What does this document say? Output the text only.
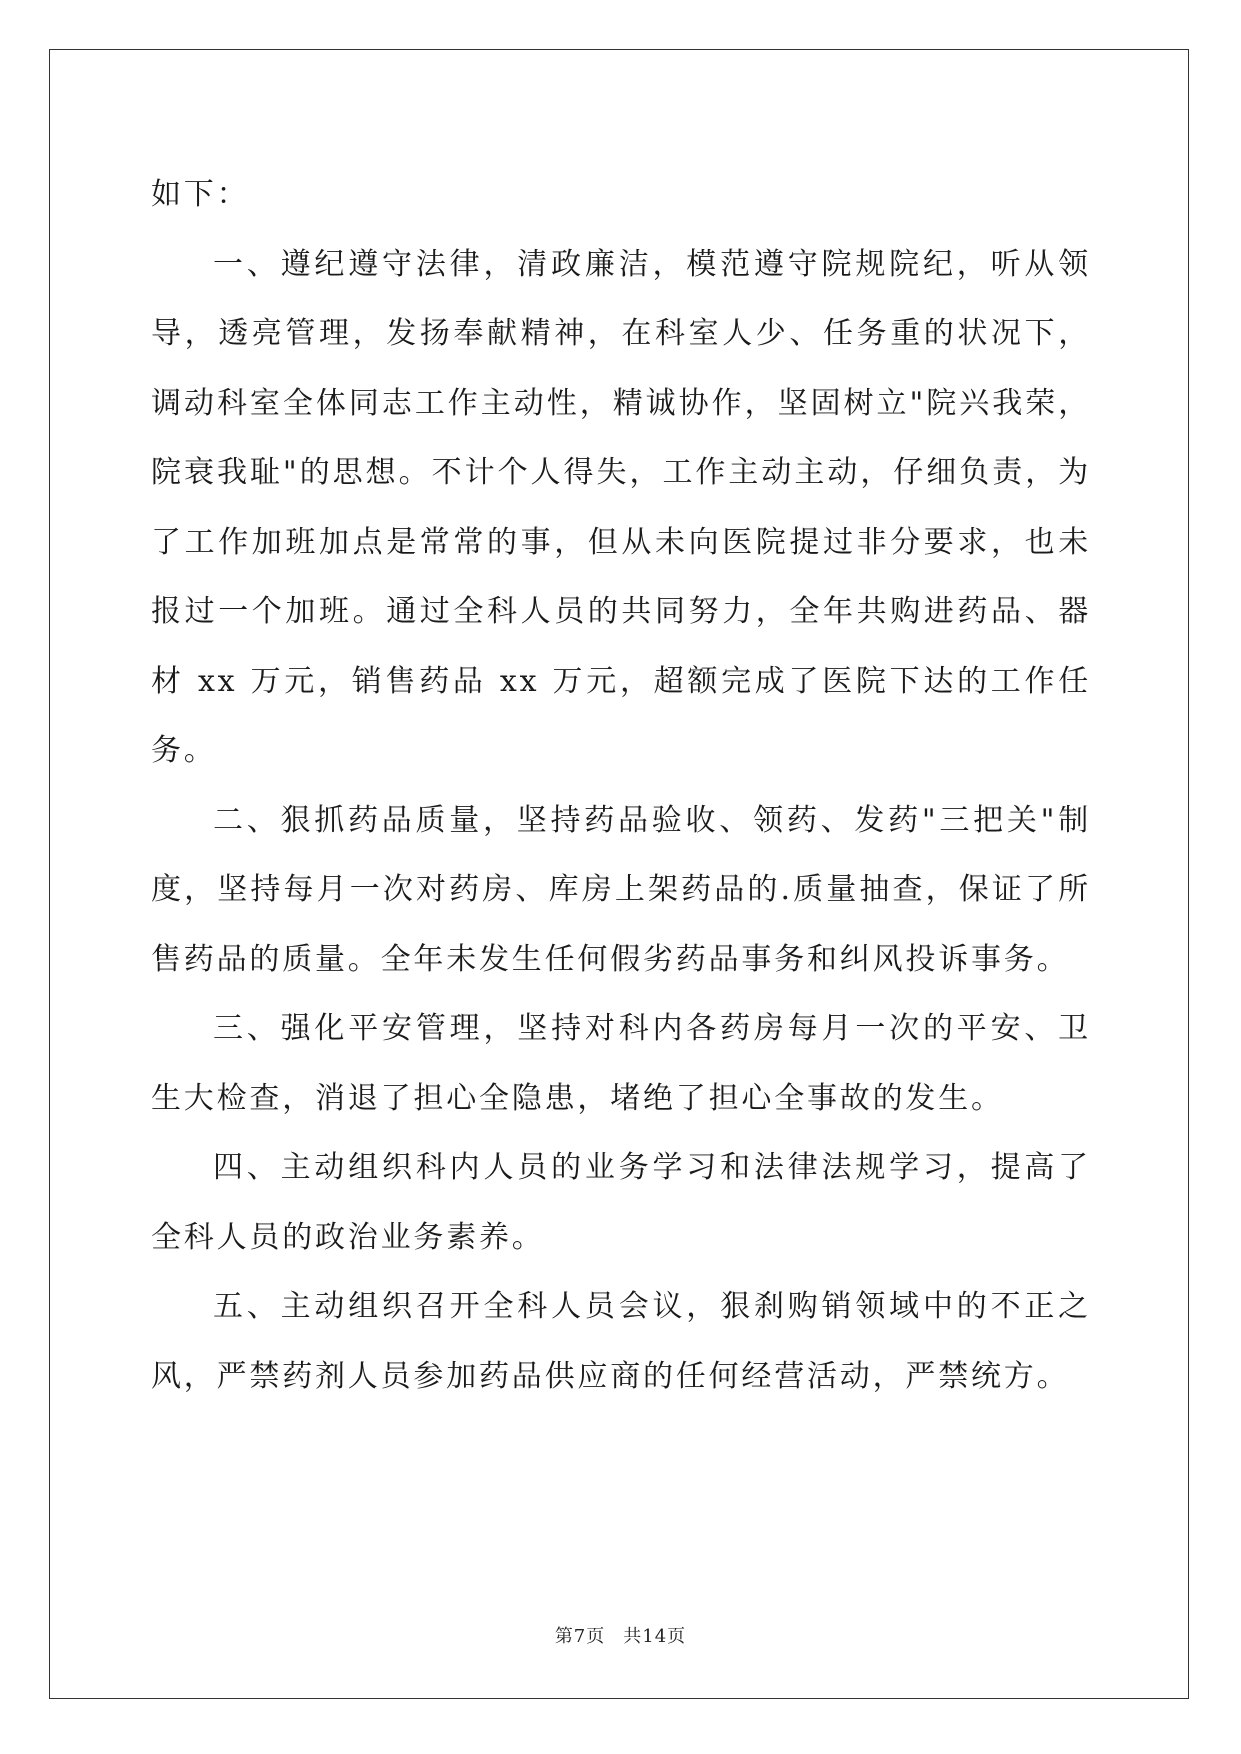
如下：

一、遵纪遵守法律，清政廉洁，模范遵守院规院纪，听从领导，透亮管理，发扬奉献精神，在科室人少、任务重的状况下，调动科室全体同志工作主动性，精诚协作，坚固树立"院兴我荣，院衰我耻"的思想。不计个人得失，工作主动主动，仔细负责，为了工作加班加点是常常的事，但从未向医院提过非分要求，也未报过一个加班。通过全科人员的共同努力，全年共购进药品、器材 xx 万元，销售药品 xx 万元，超额完成了医院下达的工作任务。

二、狠抓药品质量，坚持药品验收、领药、发药"三把关"制度，坚持每月一次对药房、库房上架药品的.质量抽查，保证了所售药品的质量。全年未发生任何假劣药品事务和纠风投诉事务。

三、强化平安管理，坚持对科内各药房每月一次的平安、卫生大检查，消退了担心全隐患，堵绝了担心全事故的发生。

四、主动组织科内人员的业务学习和法律法规学习，提高了全科人员的政治业务素养。

五、主动组织召开全科人员会议，狠刹购销领域中的不正之风，严禁药剂人员参加药品供应商的任何经营活动，严禁统方。

第7页 共14页
